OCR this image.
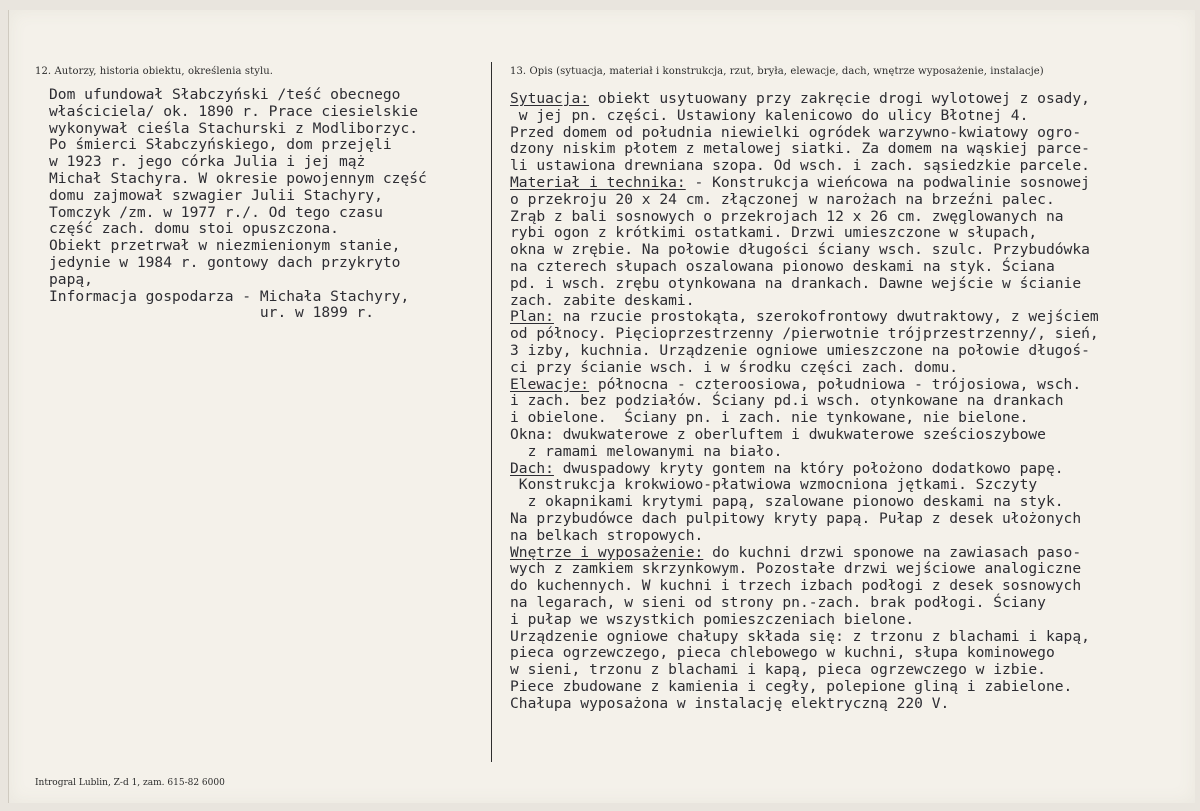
12. Autorzy, historia obiektu, określenia stylu.	13. Opis (sytuacja, materiał i konstrukcja, rzut, bryła, elewacje, dach, wnętrze wyposażenie, instalacje)
Dom ufundował Słabczyński /teść obecnego
właściciela/ ok. 1890 r. Prace ciesielskie
wykonywał cieśla Stachurski z Modliborzyc.
Po śmierci Słabczyńskiego, dom przejęli
w 1923 r. jego córka Julia i jej mąż
Michał Stachyra. W okresie powojennym część
domu zajmował szwagier Julii Stachyry,
Tomczyk /zm. w 1977 r./. Od tego czasu
część zach. domu stoi opuszczona.
Obiekt przetrwał w niezmienionym stanie,
jedynie w 1984 r. gontowy dach przykryto
papą,
Informacja gospodarza - Michała Stachyry,
ur. w 1899 r.
Sytuacja: obiekt usytuowany przy zakręcie drogi wylotowej z osady,
w jej pn. części. Ustawiony kalenicowo do ulicy Błotnej 4.
Przed domem od południa niewielki ogródek warzywno-kwiatowy ogro-
dzony niskim płotem z metalowej siatki. Za domem na wąskiej parce-
li ustawiona drewniana szopa. Od wsch. i zach. sąsiedzkie parcele.
Materiał i technika: - Konstrukcja wieńcowa na podwalinie sosnowej
o przekroju 20 x 24 cm. złączonej w narożach na brzeźni palec.
Zrąb z bali sosnowych o przekrojach 12 x 26 cm. zwęglowanych na
rybi ogon z krótkimi ostatkami. Drzwi umieszczone w słupach,
okna w zrębie. Na połowie długości ściany wsch. szulc. Przybudówka
na czterech słupach oszalowana pionowo deskami na styk. Ściana
pd. i wsch. zrębu otynkowana na drankach. Dawne wejście w ścianie
zach. zabite deskami.
Plan: na rzucie prostokąta, szerokofrontowy dwutraktowy, z wejściem
od północy. Pięcioprzestrzenny /pierwotnie trójprzestrzenny/, sień,
3 izby, kuchnia. Urządzenie ogniowe umieszczone na połowie długoś-
ci przy ścianie wsch. i w środku części zach. domu.
Elewacje: północna - czteroosiowa, południowa - trójosiowa, wsch.
i zach. bez podziałów. Ściany pd.i wsch. otynkowane na drankach
i obielone.  Ściany pn. i zach. nie tynkowane, nie bielone.
Okna: dwukwaterowe z oberluftem i dwukwaterowe sześcioszybowe
z ramami melowanymi na biało.
Dach: dwuspadowy kryty gontem na który położono dodatkowo papę.
Konstrukcja krokwiowo-płatwiowa wzmocniona jętkami. Szczyty
z okapnikami krytymi papą, szalowane pionowo deskami na styk.
Na przybudówce dach pulpitowy kryty papą. Pułap z desek ułożonych
na belkach stropowych.
Wnętrze i wyposażenie: do kuchni drzwi sponowe na zawiasach paso-
wych z zamkiem skrzynkowym. Pozostałe drzwi wejściowe analogiczne
do kuchennych. W kuchni i trzech izbach podłogi z desek sosnowych
na legarach, w sieni od strony pn.-zach. brak podłogi. Ściany
i pułap we wszystkich pomieszczeniach bielone.
Urządzenie ogniowe chałupy składa się: z trzonu z blachami i kapą,
pieca ogrzewczego, pieca chlebowego w kuchni, słupa kominowego
w sieni, trzonu z blachami i kapą, pieca ogrzewczego w izbie.
Piece zbudowane z kamienia i cegły, polepione gliną i zabielone.
Chałupa wyposażona w instalację elektryczną 220 V.
Introgral Lublin, Z-d 1, zam. 615-82 6000
